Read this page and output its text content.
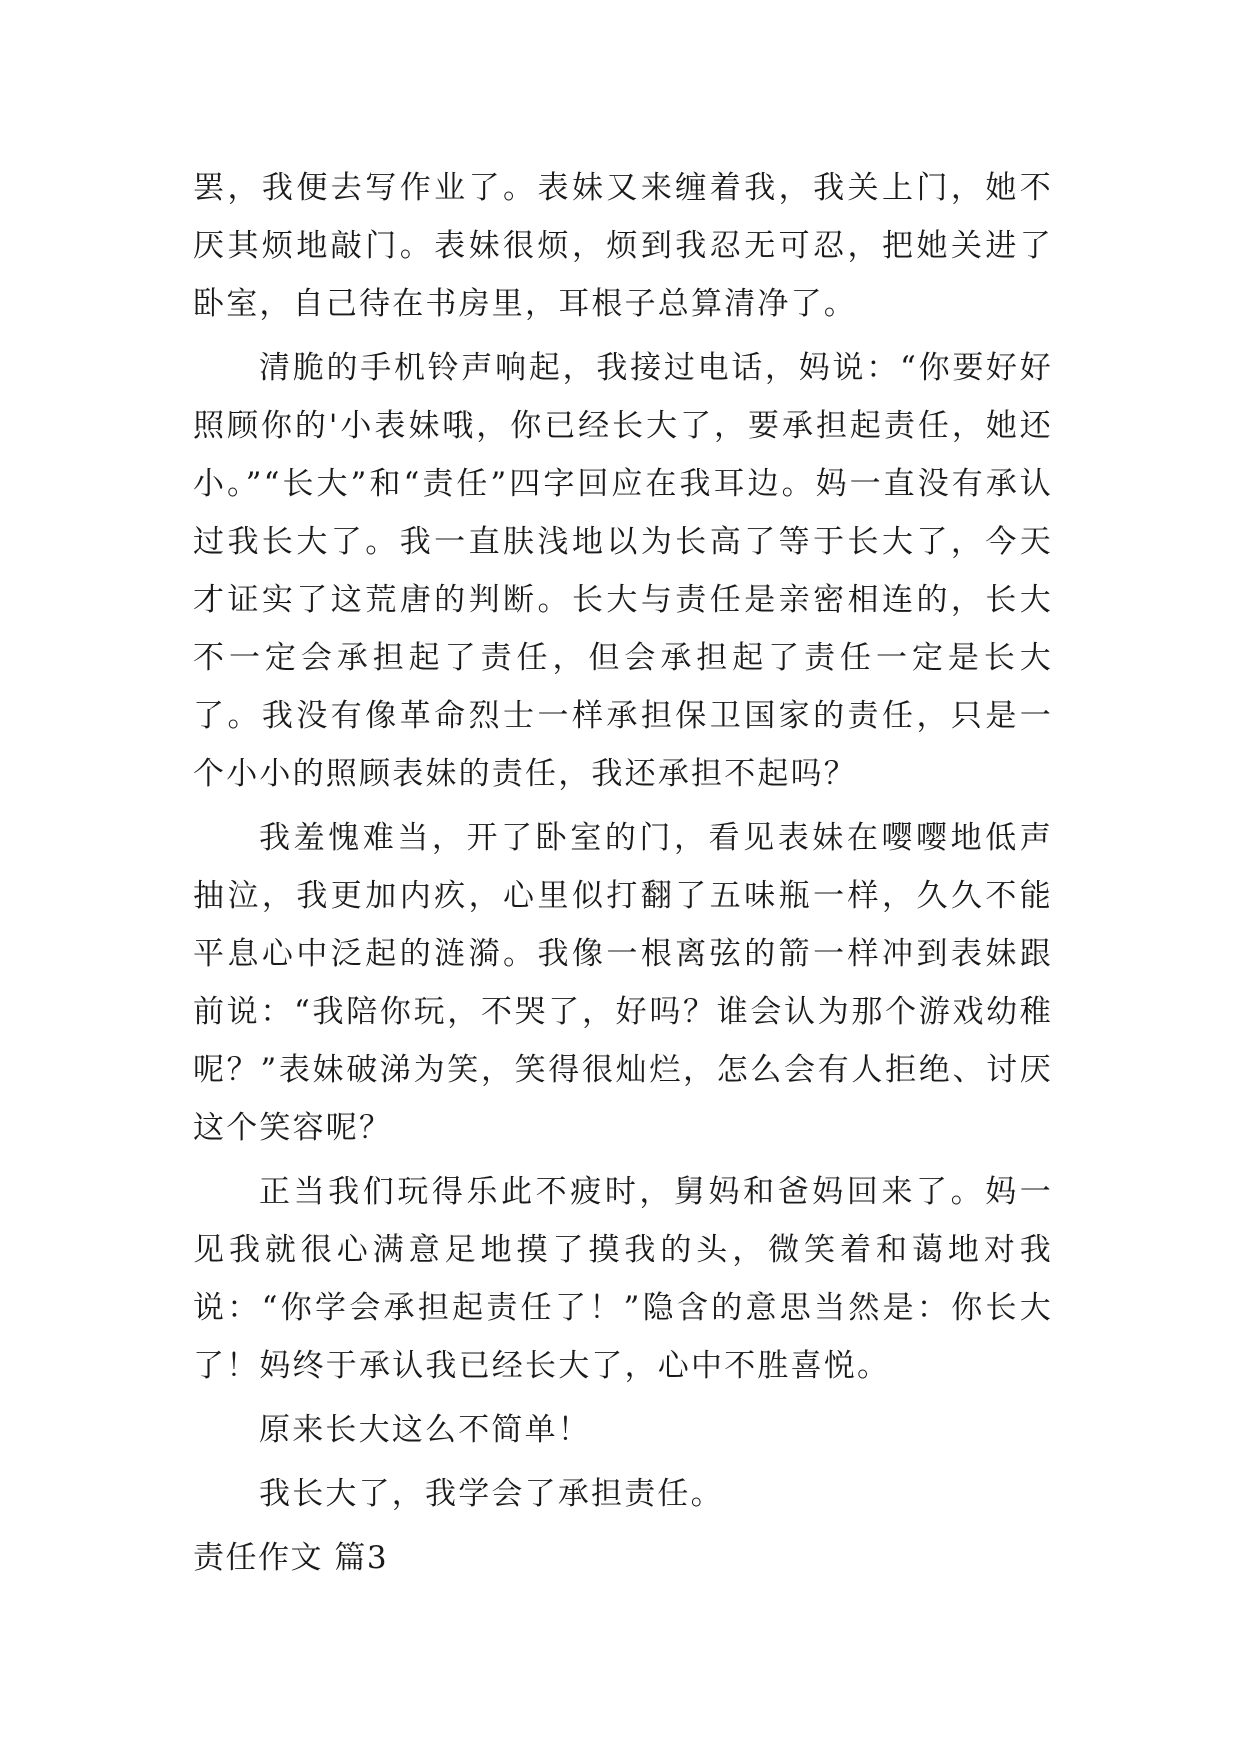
罢，我便去写作业了。表妹又来缠着我，我关上门，她不厌其烦地敲门。表妹很烦，烦到我忍无可忍，把她关进了卧室，自己待在书房里，耳根子总算清净了。

清脆的手机铃声响起，我接过电话，妈说：“你要好好照顾你的'小表妹哦，你已经长大了，要承担起责任，她还小。”“长大”和“责任”四字回应在我耳边。妈一直没有承认过我长大了。我一直肤浅地以为长高了等于长大了，今天才证实了这荒唐的判断。长大与责任是亲密相连的，长大不一定会承担起了责任，但会承担起了责任一定是长大了。我没有像革命烈士一样承担保卫国家的责任，只是一个小小的照顾表妹的责任，我还承担不起吗？

我羞愧难当，开了卧室的门，看见表妹在嘤嘤地低声抽泣，我更加内疚，心里似打翻了五味瓶一样，久久不能平息心中泛起的涟漪。我像一根离弦的箭一样冲到表妹跟前说：“我陪你玩，不哭了，好吗？谁会认为那个游戏幼稚呢？”表妹破涕为笑，笑得很灿烂，怎么会有人拒绝、讨厌这个笑容呢？

正当我们玩得乐此不疲时，舅妈和爸妈回来了。妈一见我就很心满意足地摸了摸我的头，微笑着和蔼地对我说：“你学会承担起责任了！”隐含的意思当然是：你长大了！妈终于承认我已经长大了，心中不胜喜悦。

原来长大这么不简单！

我长大了，我学会了承担责任。

责任作文 篇3
